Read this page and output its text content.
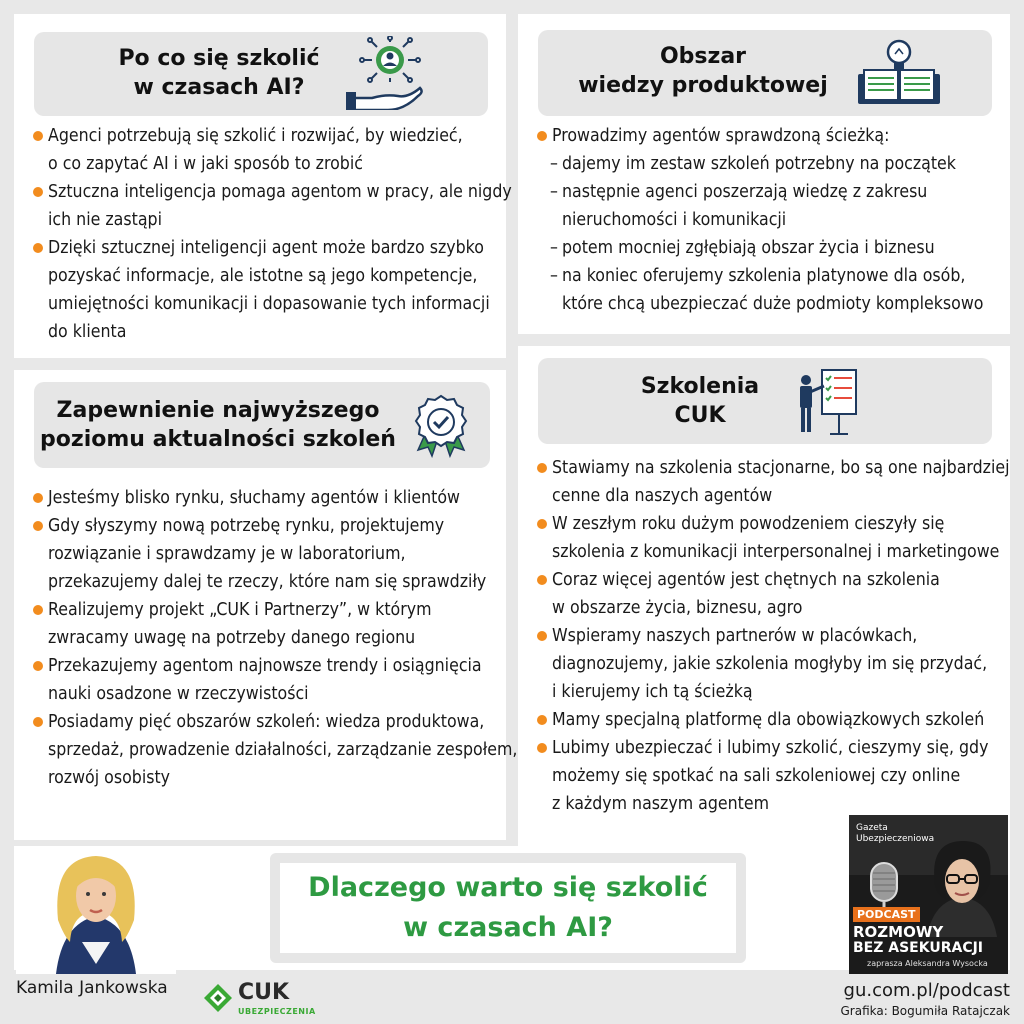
Po co się szkolić
w czasach AI?
Agenci potrzebują się szkolić i rozwijać, by wiedzieć,
o co zapytać AI i w jaki sposób to zrobić
Sztuczna inteligencja pomaga agentom w pracy, ale nigdy
ich nie zastąpi
Dzięki sztucznej inteligencji agent może bardzo szybko
pozyskać informacje, ale istotne są jego kompetencje,
umiejętności komunikacji i dopasowanie tych informacji
do klienta
Obszar
wiedzy produktowej
Prowadzimy agentów sprawdzoną ścieżką:
– dajemy im zestaw szkoleń potrzebny na początek
– następnie agenci poszerzają wiedzę z zakresu
nieruchomości i komunikacji
– potem mocniej zgłębiają obszar życia i biznesu
– na koniec oferujemy szkolenia platynowe dla osób,
które chcą ubezpieczać duże podmioty kompleksowo
Zapewnienie najwyższego
poziomu aktualności szkoleń
Jesteśmy blisko rynku, słuchamy agentów i klientów
Gdy słyszymy nową potrzebę rynku, projektujemy
rozwiązanie i sprawdzamy je w laboratorium,
przekazujemy dalej te rzeczy, które nam się sprawdziły
Realizujemy projekt „CUK i Partnerzy”, w którym
zwracamy uwagę na potrzeby danego regionu
Przekazujemy agentom najnowsze trendy i osiągnięcia
nauki osadzone w rzeczywistości
Posiadamy pięć obszarów szkoleń: wiedza produktowa,
sprzedaż, prowadzenie działalności, zarządzanie zespołem,
rozwój osobisty
Szkolenia
CUK
Stawiamy na szkolenia stacjonarne, bo są one najbardziej
cenne dla naszych agentów
W zeszłym roku dużym powodzeniem cieszyły się
szkolenia z komunikacji interpersonalnej i marketingowe
Coraz więcej agentów jest chętnych na szkolenia
w obszarze życia, biznesu, agro
Wspieramy naszych partnerów w placówkach,
diagnozujemy, jakie szkolenia mogłyby im się przydać,
i kierujemy ich tą ścieżką
Mamy specjalną platformę dla obowiązkowych szkoleń
Lubimy ubezpieczać i lubimy szkolić, cieszymy się, gdy
możemy się spotkać na sali szkoleniowej czy online
z każdym naszym agentem
Kamila Jankowska	CUK
UBEZPIECZENIA
Dlaczego warto się szkolić
w czasach AI?
Gazeta
Ubezpieczeniowa
PODCAST
ROZMOWY
BEZ ASEKURACJI
zaprasza Aleksandra Wysocka
gu.com.pl/podcast
Grafika: Bogumiła Ratajczak
